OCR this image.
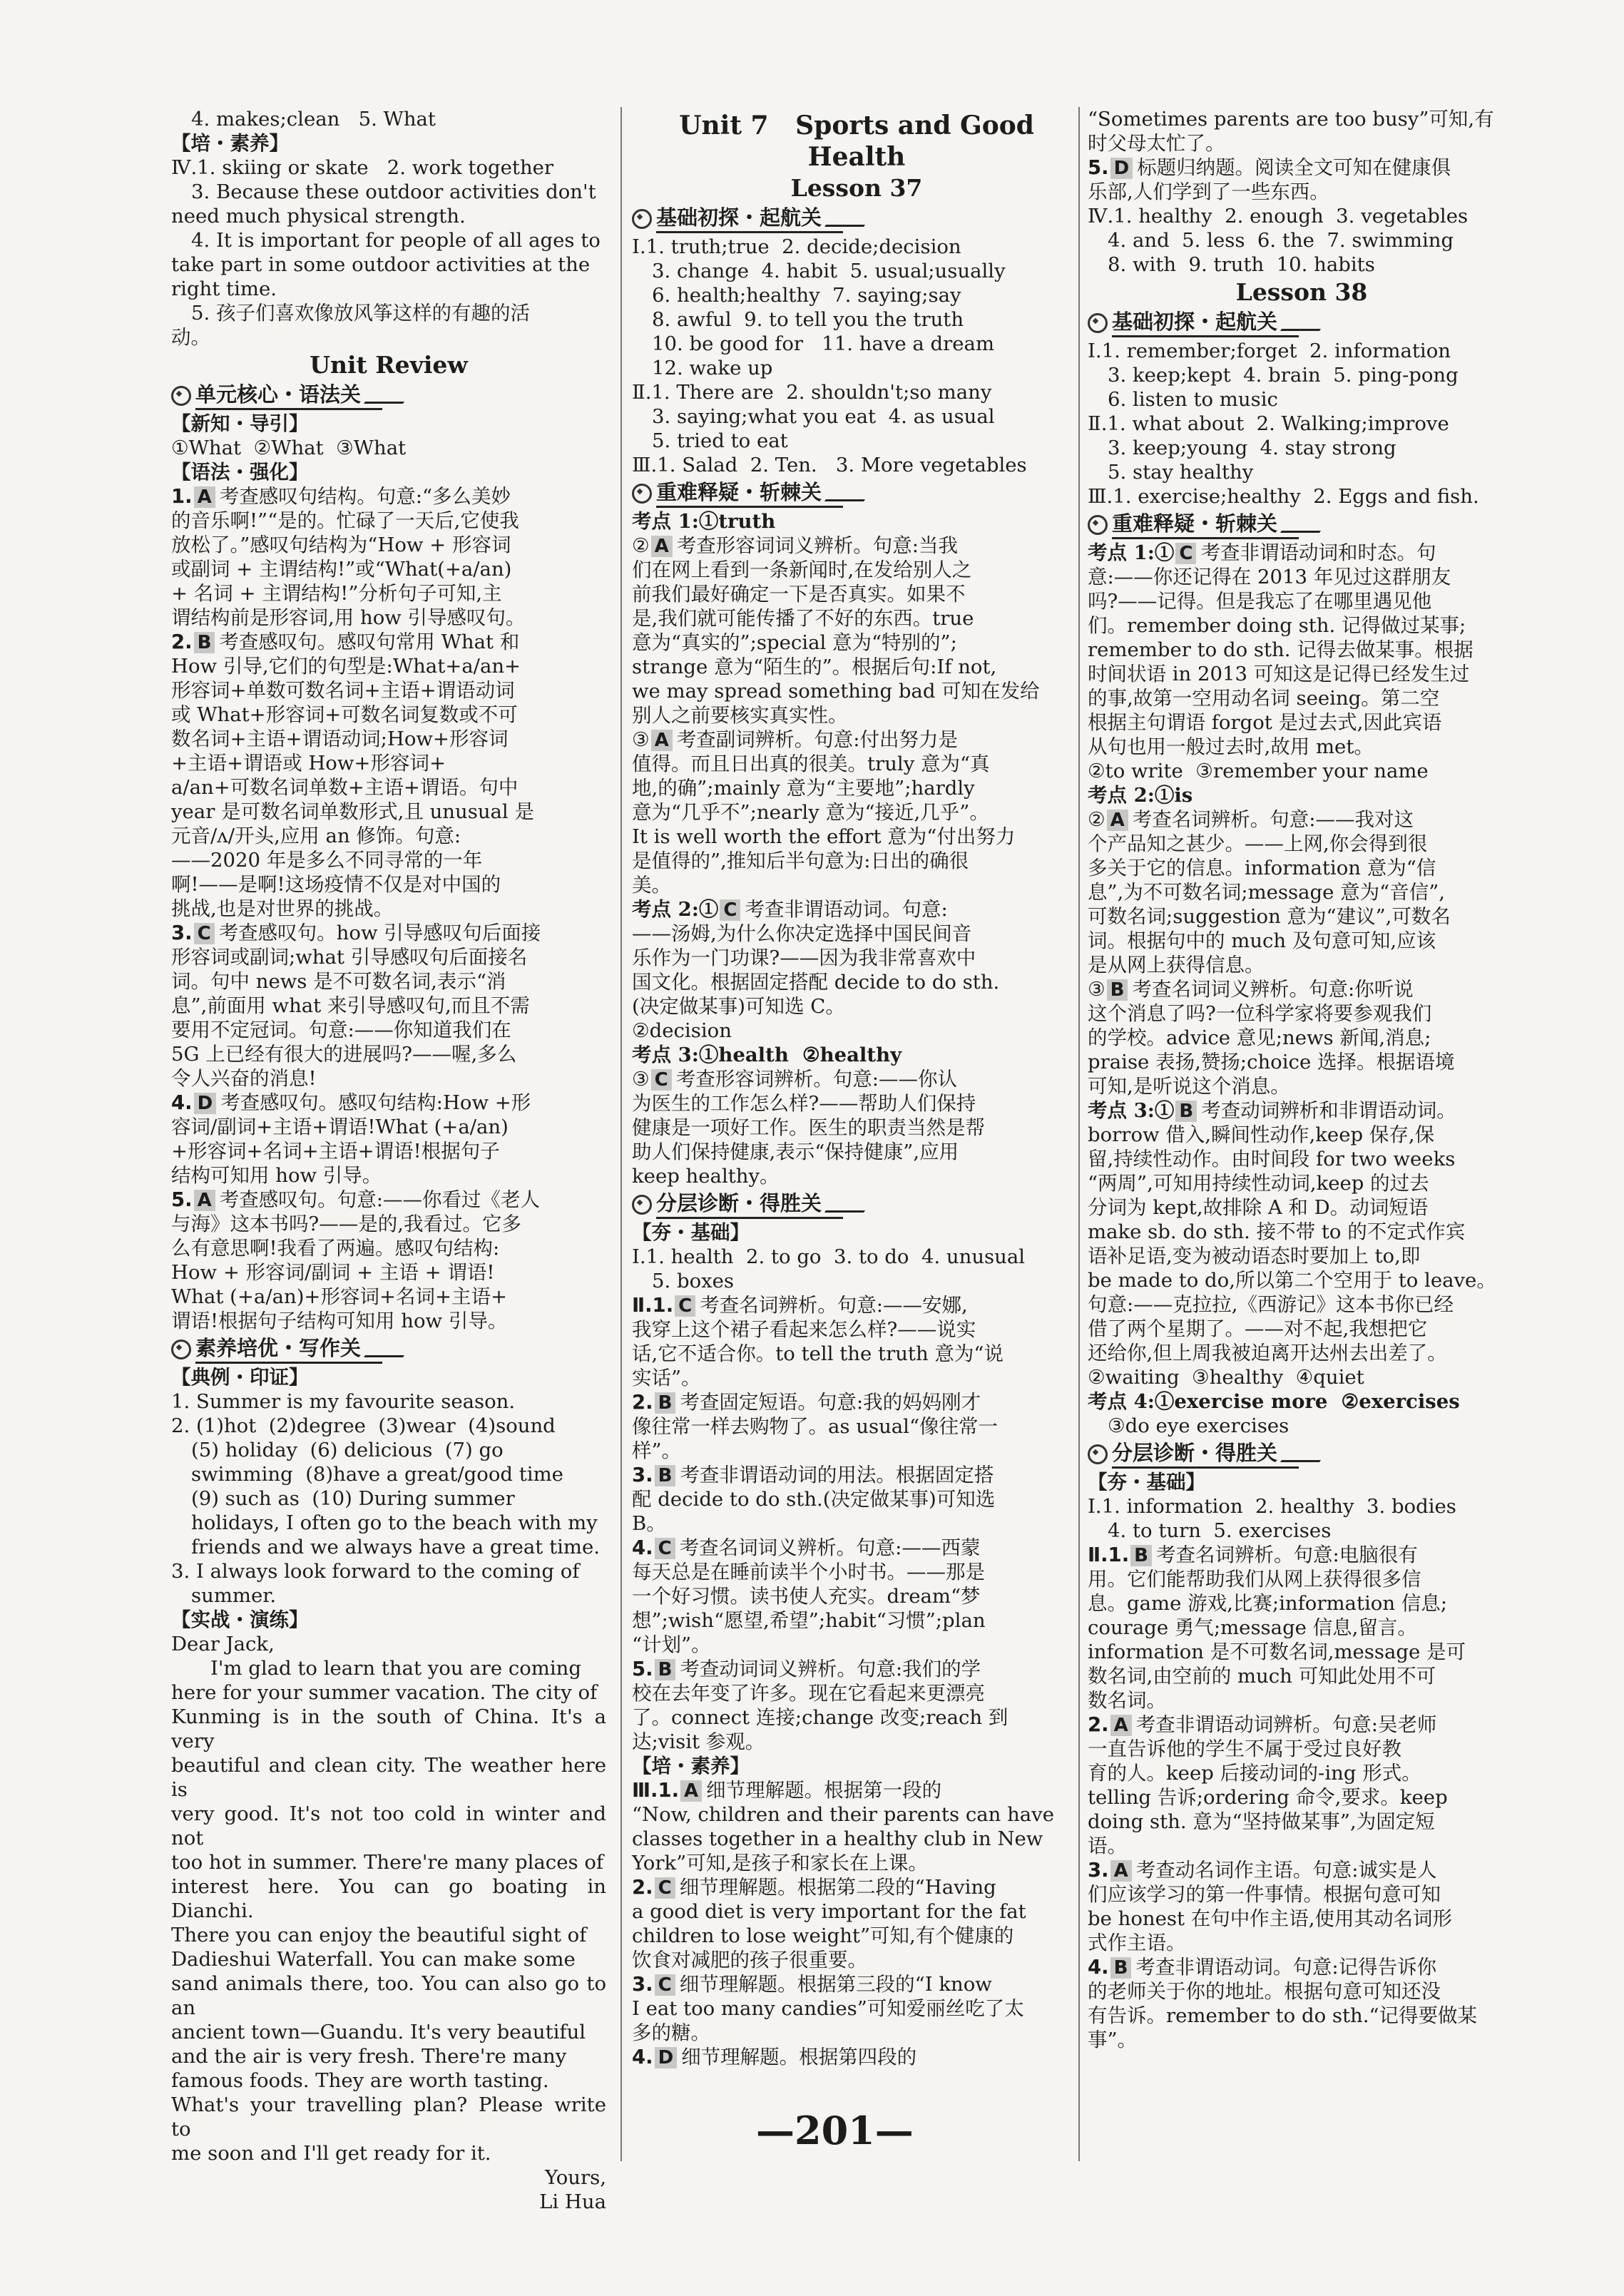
4. makes;clean   5. What
【培・素养】
Ⅳ.1. skiing or skate   2. work together
3. Because these outdoor activities don't
need much physical strength.
4. It is important for people of all ages to
take part in some outdoor activities at the
right time.
5. 孩子们喜欢像放风筝这样的有趣的活
动。
Unit Review
单元核心・语法关
【新知・导引】
①What  ②What  ③What
【语法・强化】
1. A 考查感叹句结构。句意:“多么美妙
的音乐啊!”“是的。忙碌了一天后,它使我
放松了。”感叹句结构为“How + 形容词
或副词 + 主谓结构!”或“What(+a/an)
+ 名词 + 主谓结构!”分析句子可知,主
谓结构前是形容词,用 how 引导感叹句。
2. B 考查感叹句。感叹句常用 What 和
How 引导,它们的句型是:What+a/an+
形容词+单数可数名词+主语+谓语动词
或 What+形容词+可数名词复数或不可
数名词+主语+谓语动词;How+形容词
+主语+谓语或 How+形容词+
a/an+可数名词单数+主语+谓语。句中
year 是可数名词单数形式,且 unusual 是
元音/ʌ/开头,应用 an 修饰。句意:
——2020 年是多么不同寻常的一年
啊!——是啊!这场疫情不仅是对中国的
挑战,也是对世界的挑战。
3. C 考查感叹句。how 引导感叹句后面接
形容词或副词;what 引导感叹句后面接名
词。句中 news 是不可数名词,表示“消
息”,前面用 what 来引导感叹句,而且不需
要用不定冠词。句意:——你知道我们在
5G 上已经有很大的进展吗?——喔,多么
令人兴奋的消息!
4. D 考查感叹句。感叹句结构:How +形
容词/副词+主语+谓语!What (+a/an)
+形容词+名词+主语+谓语!根据句子
结构可知用 how 引导。
5. A 考查感叹句。句意:——你看过《老人
与海》这本书吗?——是的,我看过。它多
么有意思啊!我看了两遍。感叹句结构:
How + 形容词/副词 + 主语 + 谓语!
What (+a/an)+形容词+名词+主语+
谓语!根据句子结构可知用 how 引导。
素养培优・写作关
【典例・印证】
1. Summer is my favourite season.
2. (1)hot  (2)degree  (3)wear  (4)sound
(5) holiday  (6) delicious  (7) go
swimming  (8)have a great/good time
(9) such as  (10) During summer
holidays, I often go to the beach with my
friends and we always have a great time.
3. I always look forward to the coming of
summer.
【实战・演练】
Dear Jack,
I'm glad to learn that you are coming
here for your summer vacation. The city of
Kunming is in the south of China. It's a very
beautiful and clean city. The weather here is
very good. It's not too cold in winter and not
too hot in summer. There're many places of
interest here. You can go boating in Dianchi.
There you can enjoy the beautiful sight of
Dadieshui Waterfall. You can make some
sand animals there, too. You can also go to an
ancient town—Guandu. It's very beautiful
and the air is very fresh. There're many
famous foods. They are worth tasting.
What's your travelling plan? Please write to
me soon and I'll get ready for it.
Yours,
Li Hua
Unit 7   Sports and Good Health
Lesson 37
基础初探・起航关
Ⅰ.1. truth;true  2. decide;decision
3. change  4. habit  5. usual;usually
6. health;healthy  7. saying;say
8. awful  9. to tell you the truth
10. be good for   11. have a dream
12. wake up
Ⅱ.1. There are  2. shouldn't;so many
3. saying;what you eat  4. as usual
5. tried to eat
Ⅲ.1. Salad  2. Ten.   3. More vegetables
重难释疑・斩棘关
考点 1:①truth
② A 考查形容词词义辨析。句意:当我
们在网上看到一条新闻时,在发给别人之
前我们最好确定一下是否真实。如果不
是,我们就可能传播了不好的东西。true
意为“真实的”;special 意为“特别的”;
strange 意为“陌生的”。根据后句:If not,
we may spread something bad 可知在发给
别人之前要核实真实性。
③ A 考查副词辨析。句意:付出努力是
值得。而且日出真的很美。truly 意为“真
地,的确”;mainly 意为“主要地”;hardly
意为“几乎不”;nearly 意为“接近,几乎”。
It is well worth the effort 意为“付出努力
是值得的”,推知后半句意为:日出的确很
美。
考点 2:① C 考查非谓语动词。句意:
——汤姆,为什么你决定选择中国民间音
乐作为一门功课?——因为我非常喜欢中
国文化。根据固定搭配 decide to do sth.
(决定做某事)可知选 C。
②decision
考点 3:①health  ②healthy
③ C 考查形容词辨析。句意:——你认
为医生的工作怎么样?——帮助人们保持
健康是一项好工作。医生的职责当然是帮
助人们保持健康,表示“保持健康”,应用
keep healthy。
分层诊断・得胜关
【夯・基础】
Ⅰ.1. health  2. to go  3. to do  4. unusual
5. boxes
Ⅱ.1. C 考查名词辨析。句意:——安娜,
我穿上这个裙子看起来怎么样?——说实
话,它不适合你。to tell the truth 意为“说
实话”。
2. B 考查固定短语。句意:我的妈妈刚才
像往常一样去购物了。as usual“像往常一
样”。
3. B 考查非谓语动词的用法。根据固定搭
配 decide to do sth.(决定做某事)可知选
B。
4. C 考查名词词义辨析。句意:——西蒙
每天总是在睡前读半个小时书。——那是
一个好习惯。读书使人充实。dream“梦
想”;wish“愿望,希望”;habit“习惯”;plan
“计划”。
5. B 考查动词词义辨析。句意:我们的学
校在去年变了许多。现在它看起来更漂亮
了。connect 连接;change 改变;reach 到
达;visit 参观。
【培・素养】
Ⅲ.1. A 细节理解题。根据第一段的
“Now, children and their parents can have
classes together in a healthy club in New
York”可知,是孩子和家长在上课。
2. C 细节理解题。根据第二段的“Having
a good diet is very important for the fat
children to lose weight”可知,有个健康的
饮食对减肥的孩子很重要。
3. C 细节理解题。根据第三段的“I know
I eat too many candies”可知爱丽丝吃了太
多的糖。
4. D 细节理解题。根据第四段的
“Sometimes parents are too busy”可知,有
时父母太忙了。
5. D 标题归纳题。阅读全文可知在健康俱
乐部,人们学到了一些东西。
Ⅳ.1. healthy  2. enough  3. vegetables
4. and  5. less  6. the  7. swimming
8. with  9. truth  10. habits
Lesson 38
基础初探・起航关
Ⅰ.1. remember;forget  2. information
3. keep;kept  4. brain  5. ping-pong
6. listen to music
Ⅱ.1. what about  2. Walking;improve
3. keep;young  4. stay strong
5. stay healthy
Ⅲ.1. exercise;healthy  2. Eggs and fish.
重难释疑・斩棘关
考点 1:① C 考查非谓语动词和时态。句
意:——你还记得在 2013 年见过这群朋友
吗?——记得。但是我忘了在哪里遇见他
们。remember doing sth. 记得做过某事;
remember to do sth. 记得去做某事。根据
时间状语 in 2013 可知这是记得已经发生过
的事,故第一空用动名词 seeing。第二空
根据主句谓语 forgot 是过去式,因此宾语
从句也用一般过去时,故用 met。
②to write  ③remember your name
考点 2:①is
② A 考查名词辨析。句意:——我对这
个产品知之甚少。——上网,你会得到很
多关于它的信息。information 意为“信
息”,为不可数名词;message 意为“音信”,
可数名词;suggestion 意为“建议”,可数名
词。根据句中的 much 及句意可知,应该
是从网上获得信息。
③ B 考查名词词义辨析。句意:你听说
这个消息了吗?一位科学家将要参观我们
的学校。advice 意见;news 新闻,消息;
praise 表扬,赞扬;choice 选择。根据语境
可知,是听说这个消息。
考点 3:① B 考查动词辨析和非谓语动词。
borrow 借入,瞬间性动作,keep 保存,保
留,持续性动作。由时间段 for two weeks
“两周”,可知用持续性动词,keep 的过去
分词为 kept,故排除 A 和 D。动词短语
make sb. do sth. 接不带 to 的不定式作宾
语补足语,变为被动语态时要加上 to,即
be made to do,所以第二个空用于 to leave。
句意:——克拉拉,《西游记》这本书你已经
借了两个星期了。——对不起,我想把它
还给你,但上周我被迫离开达州去出差了。
②waiting  ③healthy  ④quiet
考点 4:①exercise more  ②exercises
③do eye exercises
分层诊断・得胜关
【夯・基础】
Ⅰ.1. information  2. healthy  3. bodies
4. to turn  5. exercises
Ⅱ.1. B 考查名词辨析。句意:电脑很有
用。它们能帮助我们从网上获得很多信
息。game 游戏,比赛;information 信息;
courage 勇气;message 信息,留言。
information 是不可数名词,message 是可
数名词,由空前的 much 可知此处用不可
数名词。
2. A 考查非谓语动词辨析。句意:吴老师
一直告诉他的学生不属于受过良好教
育的人。keep 后接动词的-ing 形式。
telling 告诉;ordering 命令,要求。keep
doing sth. 意为“坚持做某事”,为固定短
语。
3. A 考查动名词作主语。句意:诚实是人
们应该学习的第一件事情。根据句意可知
be honest 在句中作主语,使用其动名词形
式作主语。
4. B 考查非谓语动词。句意:记得告诉你
的老师关于你的地址。根据句意可知还没
有告诉。remember to do sth.“记得要做某
事”。
—201—
